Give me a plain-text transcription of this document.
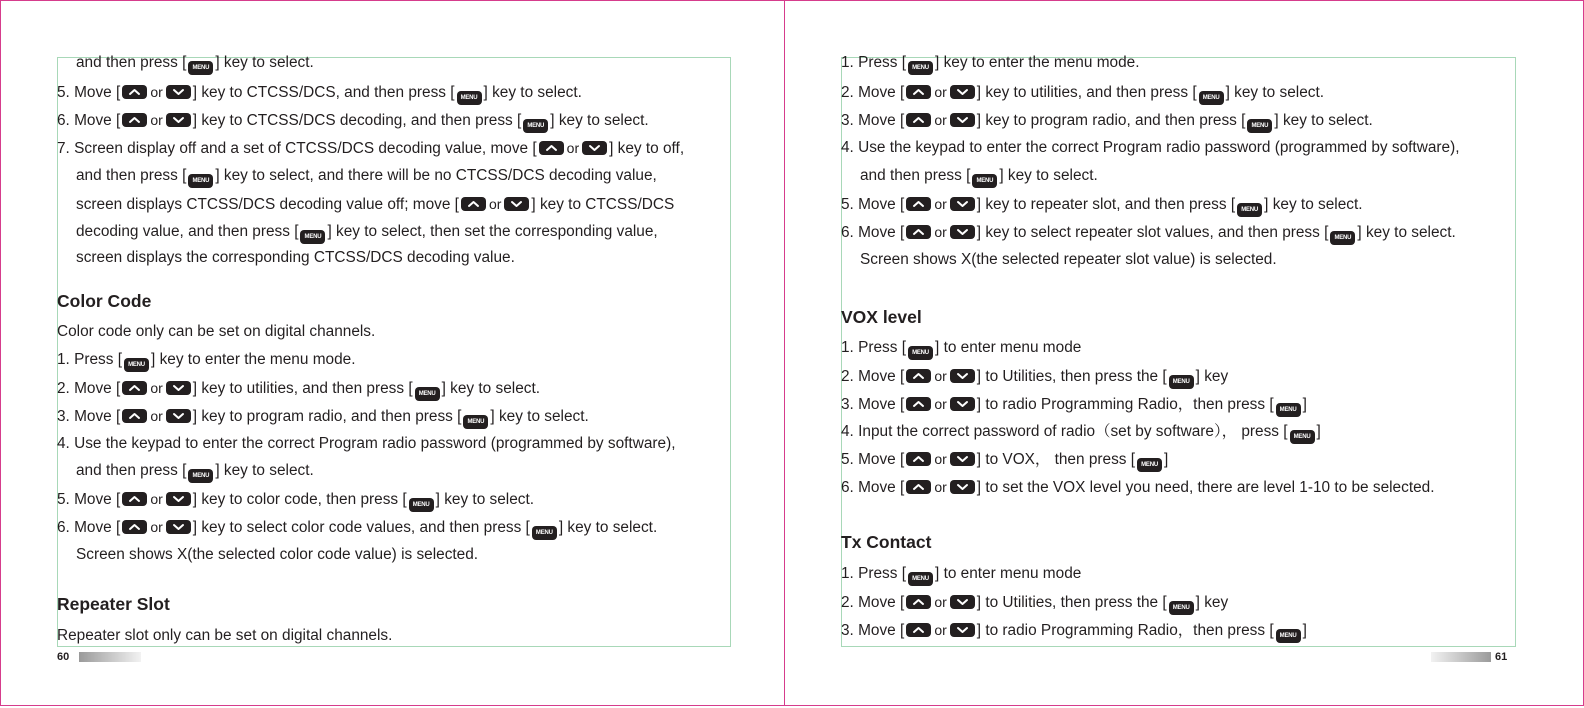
and then press [ MENU ] key to select.
5. Move [ or ] key to CTCSS/DCS, and then press [ MENU ] key to select.
6. Move [ or ] key to CTCSS/DCS decoding, and then press [ MENU ] key to select.
7. Screen display off and a set of CTCSS/DCS decoding value, move [ or ] key to off,
and then press [ MENU ] key to select, and there will be no CTCSS/DCS decoding value,
screen displays CTCSS/DCS decoding value off; move [ or ] key to CTCSS/DCS
decoding value, and then press [ MENU ] key to select, then set the corresponding value,
screen displays the corresponding CTCSS/DCS decoding value.
Color Code
Color code only can be set on digital channels.
1. Press [ MENU ] key to enter the menu mode.
2. Move [ or ] key to utilities, and then press [ MENU ] key to select.
3. Move [ or ] key to program radio, and then press [ MENU ] key to select.
4. Use the keypad to enter the correct Program radio password (programmed by software),
and then press [ MENU ] key to select.
5. Move [ or ] key to color code, then press [ MENU ] key to select.
6. Move [ or ] key to select color code values, and then press [ MENU ] key to select.
Screen shows X(the selected color code value) is selected.
Repeater Slot
Repeater slot only can be set on digital channels.
60
1. Press [ MENU ] key to enter the menu mode.
2. Move [ or ] key to utilities, and then press [ MENU ] key to select.
3. Move [ or ] key to program radio, and then press [ MENU ] key to select.
4. Use the keypad to enter the correct Program radio password (programmed by software),
and then press [ MENU ] key to select.
5. Move [ or ] key to repeater slot, and then press [ MENU ] key to select.
6. Move [ or ] key to select repeater slot values, and then press [ MENU ] key to select.
Screen shows X(the selected repeater slot value) is selected.
VOX level
1. Press [ MENU ] to enter menu mode
2. Move [ or ] to Utilities, then press the [ MENU ] key
3. Move [ or ] to radio Programming Radio，then press [ MENU ]
4. Input the correct password of radio（set by software）， press [ MENU ]
5. Move [ or ] to VOX， then press [ MENU ]
6. Move [ or ] to set the VOX level you need, there are level 1-10 to be selected.
Tx Contact
1. Press [ MENU ] to enter menu mode
2. Move [ or ] to Utilities, then press the [ MENU ] key
3. Move [ or ] to radio Programming Radio，then press [ MENU ]
61
